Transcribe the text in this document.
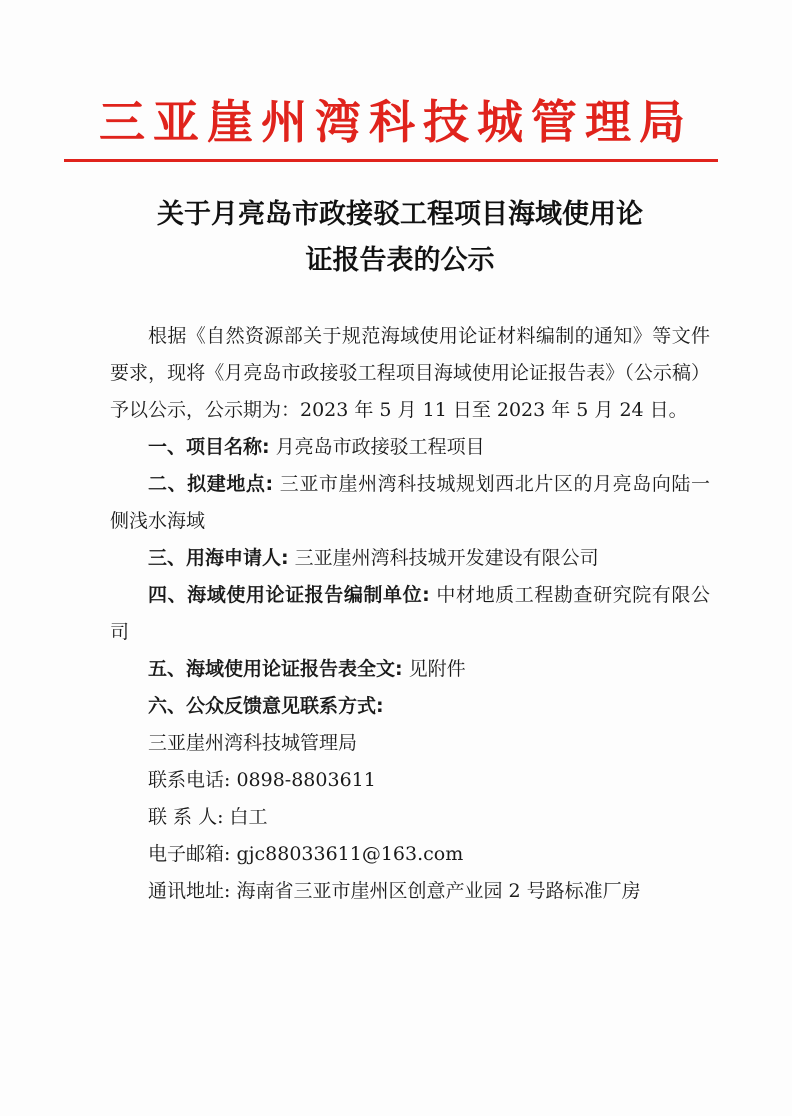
三亚崖州湾科技城管理局
关于月亮岛市政接驳工程项目海域使用论
证报告表的公示

根据《自然资源部关于规范海域使用论证材料编制的通知》等文件要求，现将《月亮岛市政接驳工程项目海域使用论证报告表》（公示稿）予以公示，公示期为：2023 年 5 月 11 日至 2023 年 5 月 24 日。

一、项目名称: 月亮岛市政接驳工程项目

二、拟建地点: 三亚市崖州湾科技城规划西北片区的月亮岛向陆一侧浅水海域

三、用海申请人: 三亚崖州湾科技城开发建设有限公司

四、海域使用论证报告编制单位: 中材地质工程勘查研究院有限公司

五、海域使用论证报告表全文: 见附件

六、公众反馈意见联系方式:

三亚崖州湾科技城管理局

联系电话: 0898-8803611

联 系 人: 白工

电子邮箱: gjc88033611@163.com

通讯地址: 海南省三亚市崖州区创意产业园 2 号路标准厂房
